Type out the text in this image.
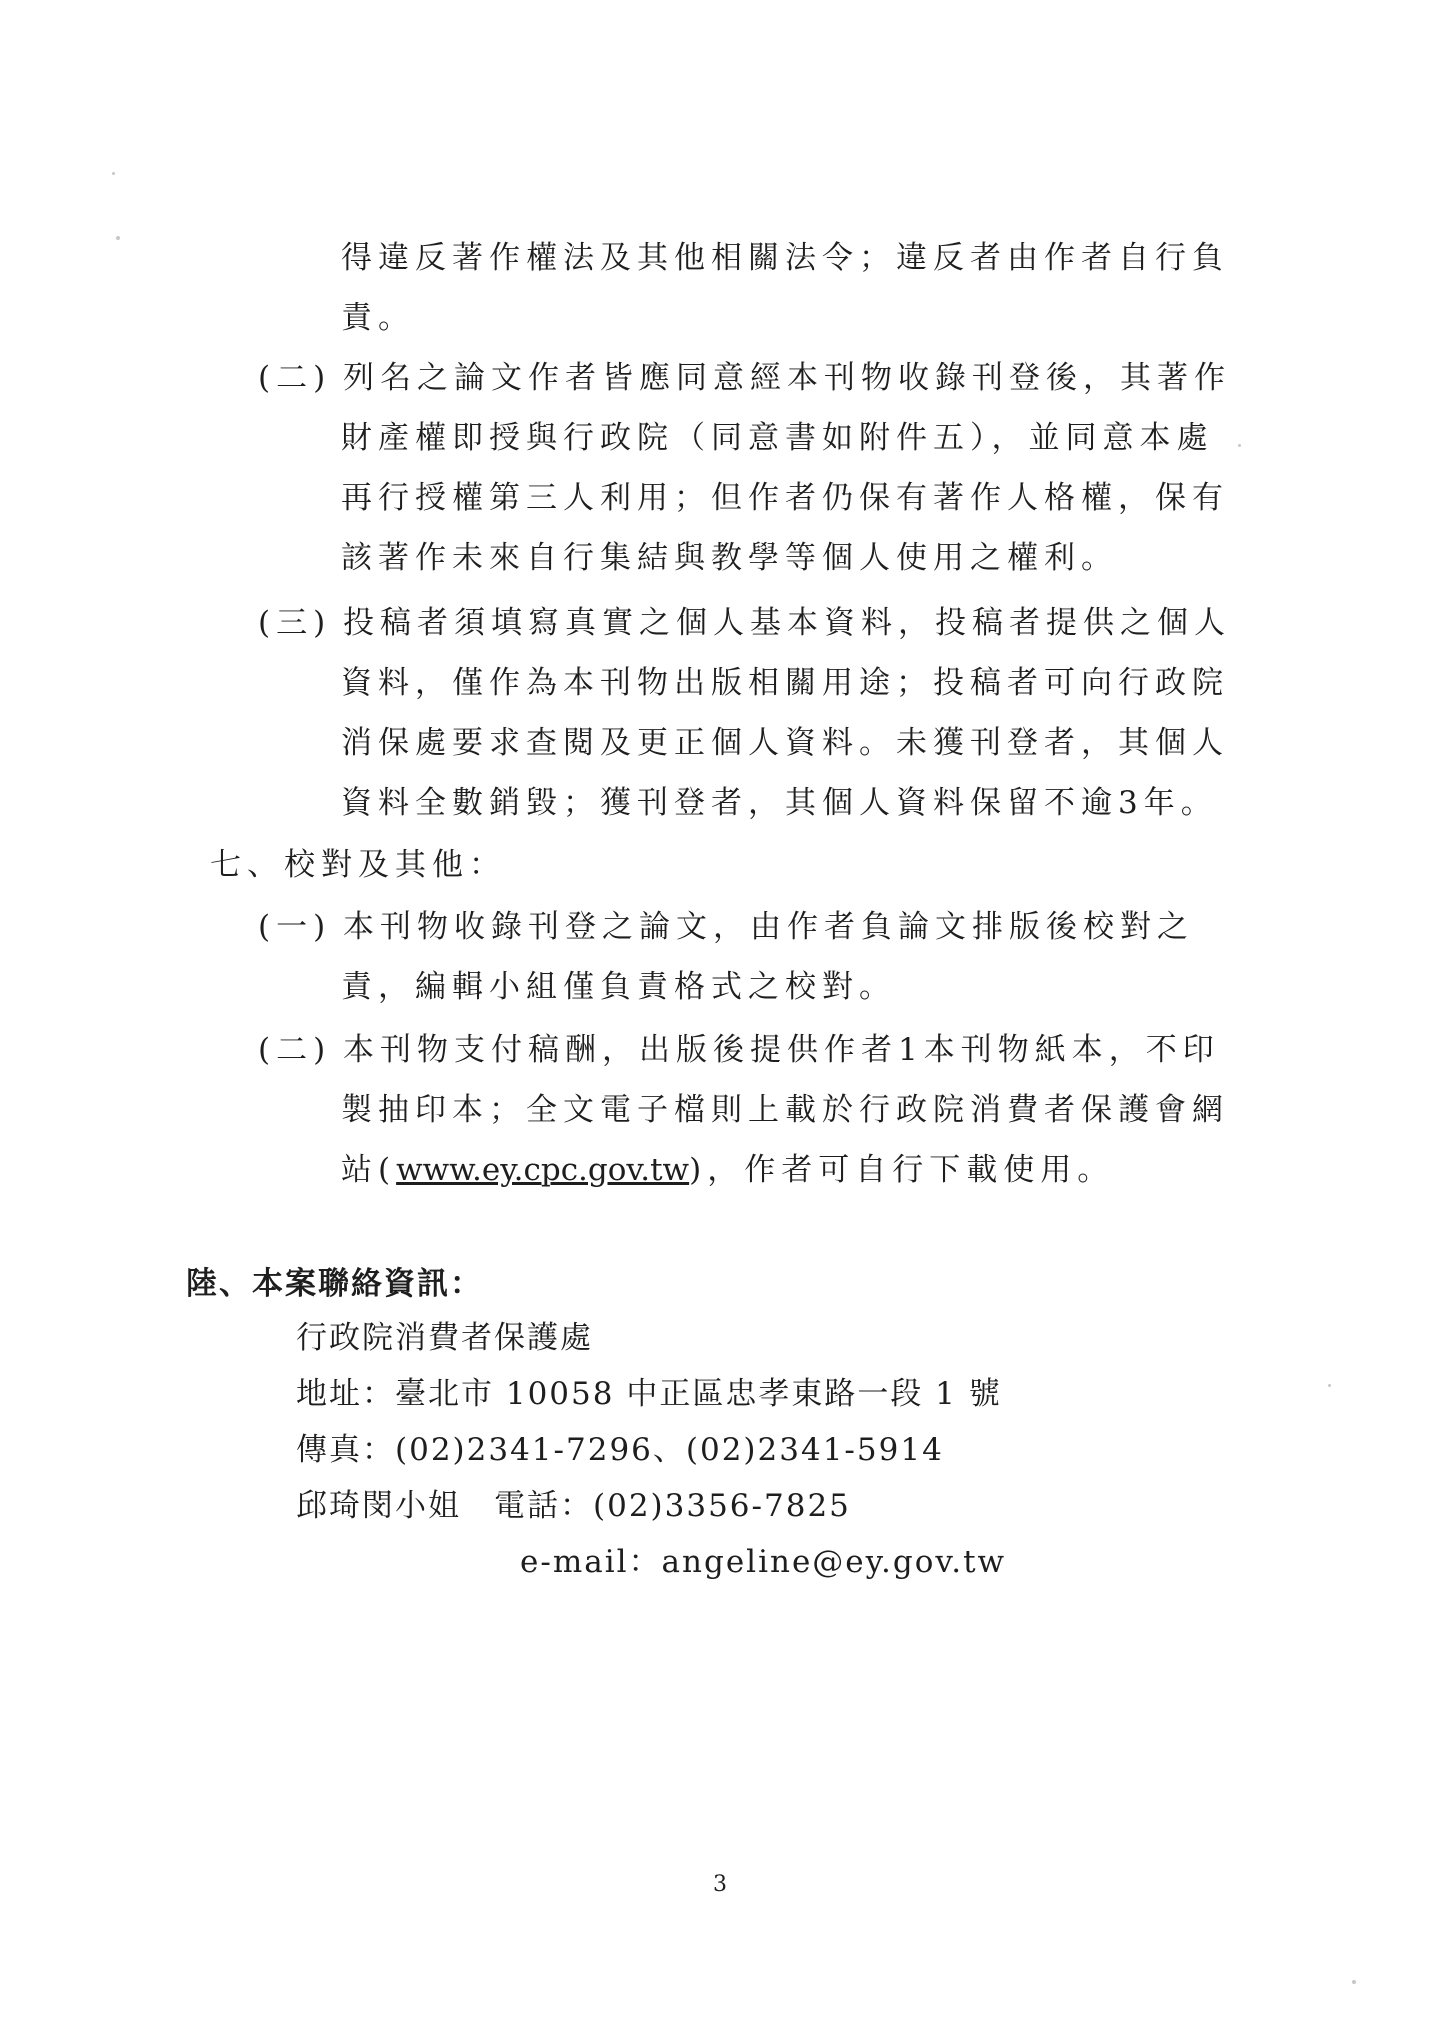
得違反著作權法及其他相關法令；違反者由作者自行負
責。
(二) 列名之論文作者皆應同意經本刊物收錄刊登後，其著作
財產權即授與行政院（同意書如附件五），並同意本處
再行授權第三人利用；但作者仍保有著作人格權，保有
該著作未來自行集結與教學等個人使用之權利。
(三) 投稿者須填寫真實之個人基本資料，投稿者提供之個人
資料，僅作為本刊物出版相關用途；投稿者可向行政院
消保處要求查閱及更正個人資料。未獲刊登者，其個人
資料全數銷毀；獲刊登者，其個人資料保留不逾3年。
七、校對及其他：
(一) 本刊物收錄刊登之論文，由作者負論文排版後校對之
責，編輯小組僅負責格式之校對。
(二) 本刊物支付稿酬，出版後提供作者1本刊物紙本，不印
製抽印本；全文電子檔則上載於行政院消費者保護會網
站(www.ey.cpc.gov.tw)，作者可自行下載使用。
陸、本案聯絡資訊：
行政院消費者保護處
地址：臺北市 10058 中正區忠孝東路一段 1 號
傳真：(02)2341-7296、(02)2341-5914
邱琦閔小姐　電話：(02)3356-7825
e-mail：angeline@ey.gov.tw
3
